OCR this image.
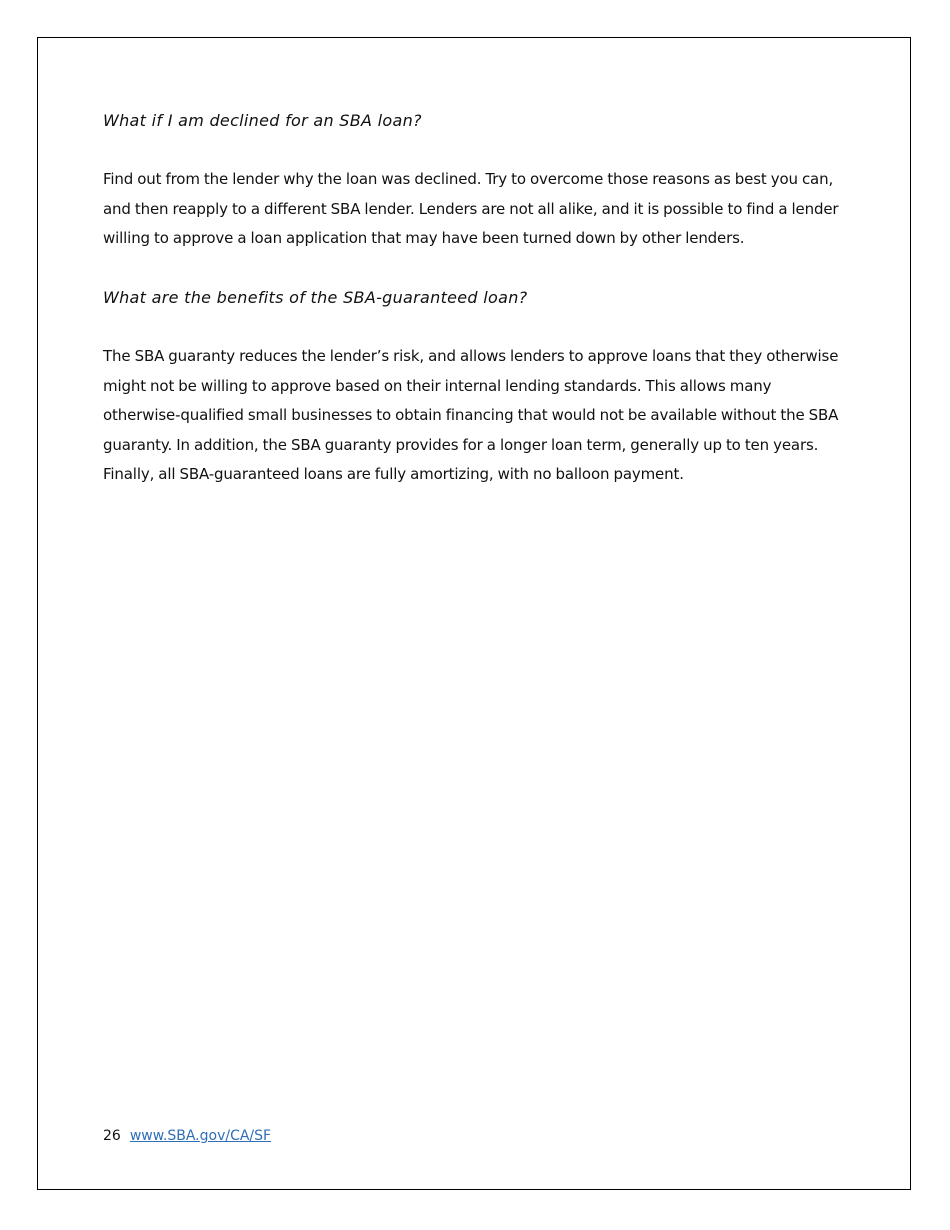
What if I am declined for an SBA loan?

Find out from the lender why the loan was declined. Try to overcome those reasons as best you can, and then reapply to a different SBA lender. Lenders are not all alike, and it is possible to find a lender willing to approve a loan application that may have been turned down by other lenders.

What are the benefits of the SBA-guaranteed loan?

The SBA guaranty reduces the lender’s risk, and allows lenders to approve loans that they otherwise might not be willing to approve based on their internal lending standards. This allows many otherwise-qualified small businesses to obtain financing that would not be available without the SBA guaranty. In addition, the SBA guaranty provides for a longer loan term, generally up to ten years. Finally, all SBA-guaranteed loans are fully amortizing, with no balloon payment.

26 www.SBA.gov/CA/SF
